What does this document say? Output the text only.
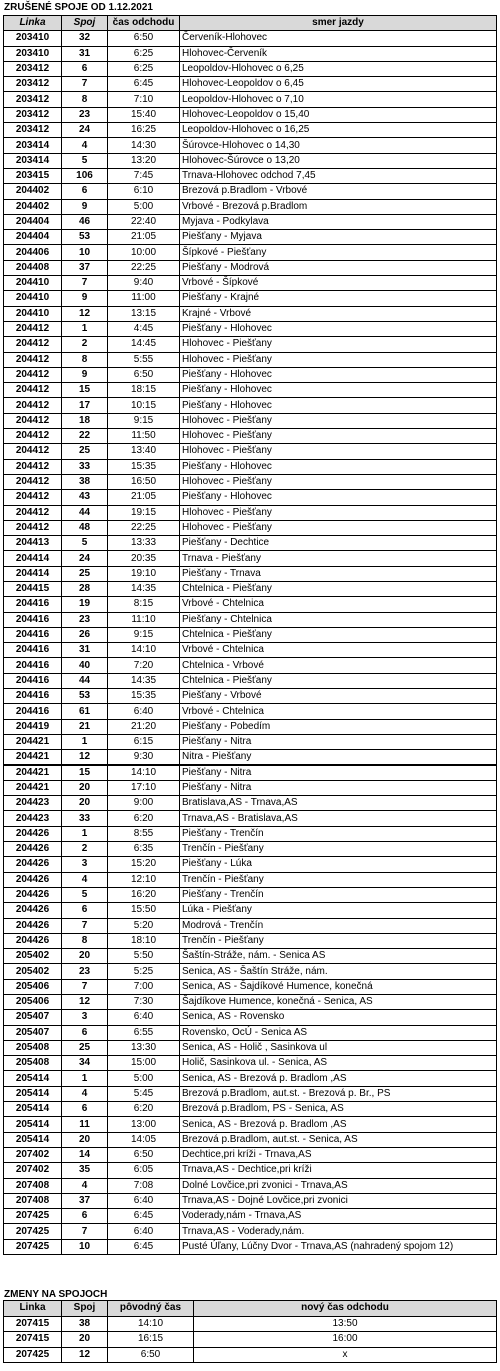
ZRUŠENÉ SPOJE OD 1.12.2021
Linka	Spoj	čas odchodu	smer jazdy
203410	32	6:50	Červeník-Hlohovec
203410	31	6:25	Hlohovec-Červeník
203412	6	6:25	Leopoldov-Hlohovec o 6,25
203412	7	6:45	Hlohovec-Leopoldov o 6,45
203412	8	7:10	Leopoldov-Hlohovec o 7,10
203412	23	15:40	Hlohovec-Leopoldov o 15,40
203412	24	16:25	Leopoldov-Hlohovec o 16,25
203414	4	14:30	Šúrovce-Hlohovec o 14,30
203414	5	13:20	Hlohovec-Šúrovce o 13,20
203415	106	7:45	Trnava-Hlohovec odchod 7,45
204402	6	6:10	Brezová p.Bradlom - Vrbové
204402	9	5:00	Vrbové - Brezová p.Bradlom
204404	46	22:40	Myjava - Podkylava
204404	53	21:05	Piešťany - Myjava
204406	10	10:00	Šípkové - Piešťany
204408	37	22:25	Piešťany - Modrová
204410	7	9:40	Vrbové - Šípkové
204410	9	11:00	Piešťany - Krajné
204410	12	13:15	Krajné - Vrbové
204412	1	4:45	Piešťany - Hlohovec
204412	2	14:45	Hlohovec - Piešťany
204412	8	5:55	Hlohovec - Piešťany
204412	9	6:50	Piešťany - Hlohovec
204412	15	18:15	Piešťany - Hlohovec
204412	17	10:15	Piešťany - Hlohovec
204412	18	9:15	Hlohovec - Piešťany
204412	22	11:50	Hlohovec - Piešťany
204412	25	13:40	Hlohovec - Piešťany
204412	33	15:35	Piešťany - Hlohovec
204412	38	16:50	Hlohovec - Piešťany
204412	43	21:05	Piešťany - Hlohovec
204412	44	19:15	Hlohovec - Piešťany
204412	48	22:25	Hlohovec - Piešťany
204413	5	13:33	Piešťany - Dechtice
204414	24	20:35	Trnava - Piešťany
204414	25	19:10	Piešťany - Trnava
204415	28	14:35	Chtelnica - Piešťany
204416	19	8:15	Vrbové - Chtelnica
204416	23	11:10	Piešťany - Chtelnica
204416	26	9:15	Chtelnica - Piešťany
204416	31	14:10	Vrbové - Chtelnica
204416	40	7:20	Chtelnica - Vrbové
204416	44	14:35	Chtelnica - Piešťany
204416	53	15:35	Piešťany - Vrbové
204416	61	6:40	Vrbové - Chtelnica
204419	21	21:20	Piešťany - Pobedím
204421	1	6:15	Piešťany - Nitra
204421	12	9:30	Nitra - Piešťany
204421	15	14:10	Piešťany - Nitra
204421	20	17:10	Piešťany - Nitra
204423	20	9:00	Bratislava,AS - Trnava,AS
204423	33	6:20	Trnava,AS - Bratislava,AS
204426	1	8:55	Piešťany - Trenčín
204426	2	6:35	Trenčín - Piešťany
204426	3	15:20	Piešťany - Lúka
204426	4	12:10	Trenčín - Piešťany
204426	5	16:20	Piešťany - Trenčín
204426	6	15:50	Lúka - Piešťany
204426	7	5:20	Modrová - Trenčín
204426	8	18:10	Trenčín - Piešťany
205402	20	5:50	Šaštín-Stráže, nám. - Senica AS
205402	23	5:25	Senica, AS - Šaštín Stráže, nám.
205406	7	7:00	Senica, AS - Šajdíkové Humence, konečná
205406	12	7:30	Šajdíkove Humence, konečná - Senica, AS
205407	3	6:40	Senica, AS - Rovensko
205407	6	6:55	Rovensko, OcÚ - Senica AS
205408	25	13:30	Senica, AS - Holič , Sasinkova ul
205408	34	15:00	Holič, Sasinkova ul. - Senica, AS
205414	1	5:00	Senica, AS - Brezová p. Bradlom ,AS
205414	4	5:45	Brezová p.Bradlom, aut.st. - Brezová p. Br., PS
205414	6	6:20	Brezová p.Bradlom, PS - Senica, AS
205414	11	13:00	Senica, AS - Brezová p. Bradlom ,AS
205414	20	14:05	Brezová p.Bradlom, aut.st. - Senica, AS
207402	14	6:50	Dechtice,pri kríži - Trnava,AS
207402	35	6:05	Trnava,AS - Dechtice,pri kríži
207408	4	7:08	Dolné Lovčice,pri zvonici - Trnava,AS
207408	37	6:40	Trnava,AS - Dojné Lovčice,pri zvonici
207425	6	6:45	Voderady,nám - Trnava,AS
207425	7	6:40	Trnava,AS - Voderady,nám.
207425	10	6:45	Pusté Úľany, Lúčny Dvor - Trnava,AS (nahradený spojom 12)
ZMENY NA SPOJOCH
Linka	Spoj	pôvodný čas	nový čas odchodu
207415	38	14:10	13:50
207415	20	16:15	16:00
207425	12	6:50	x
